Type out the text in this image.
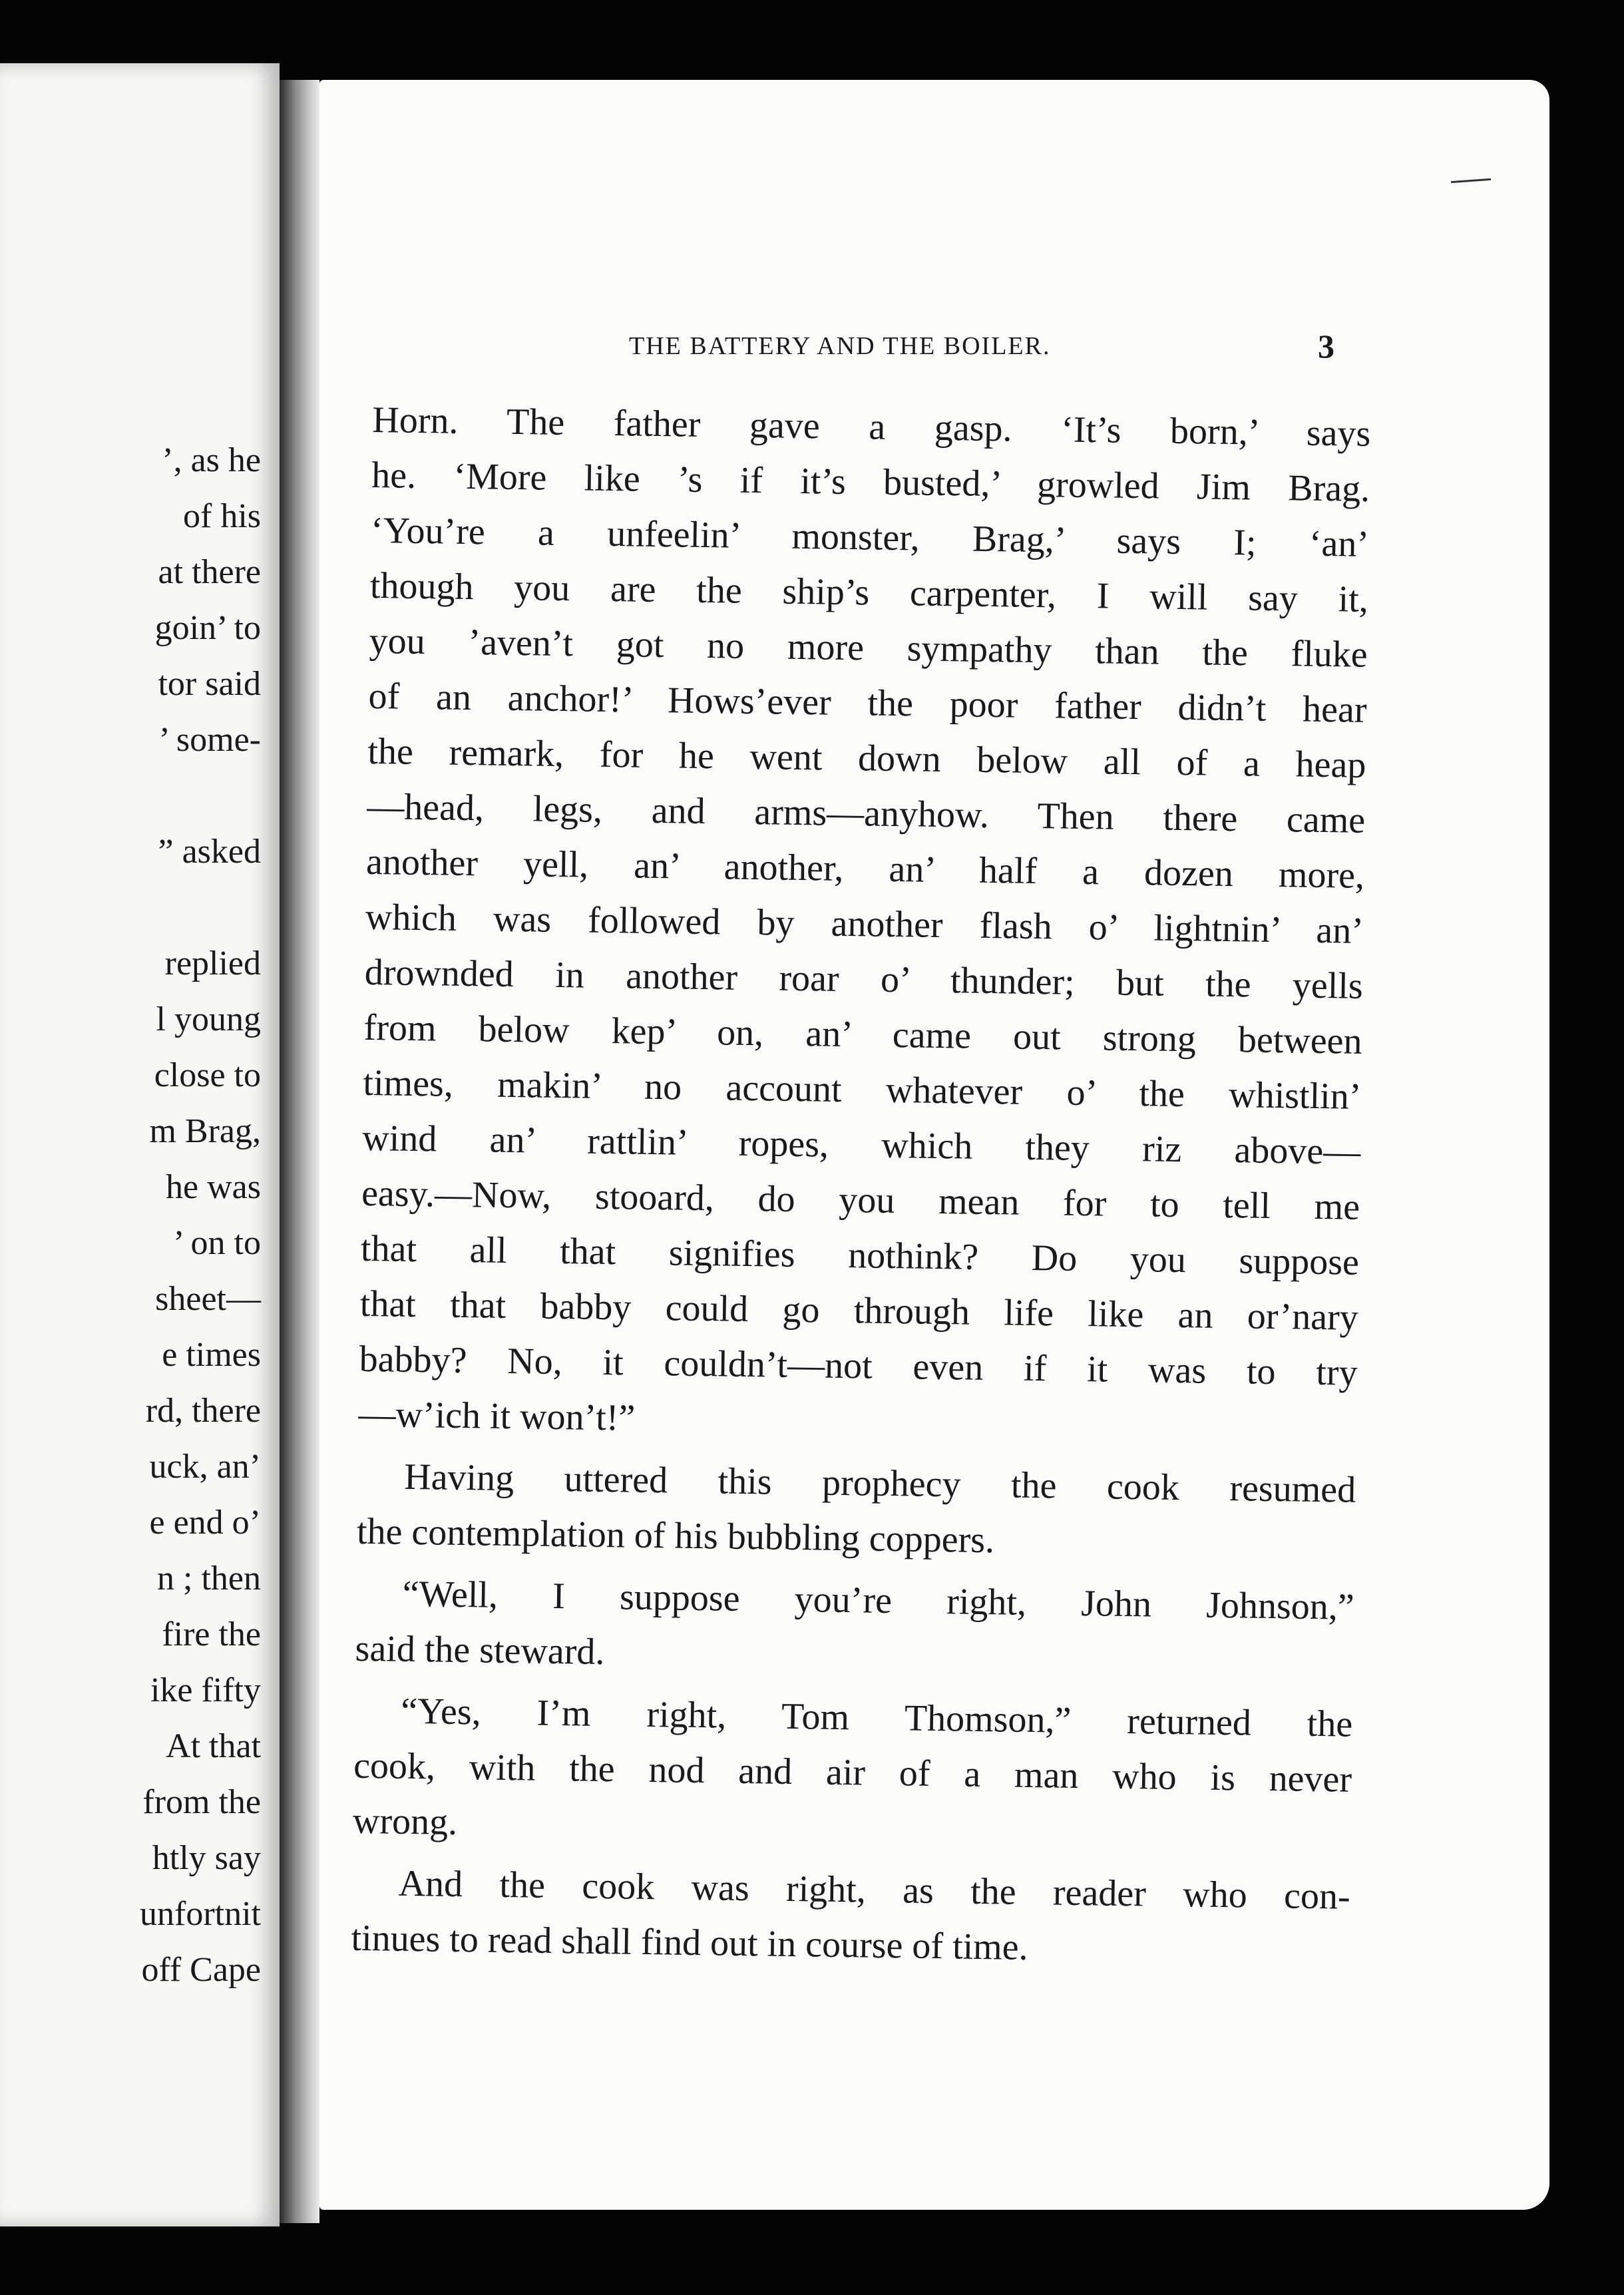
ʼ, as he
of his
at there
goin’ to
tor said
’ some-
” asked
replied
l young
close to
m Brag,
he was
’ on to
sheet—
e times
rd, there
uck, an’
e end o’
n ; then
fire the
ike fifty
At that
from the
htly say
unfortnit
off Cape
THE BATTERY AND THE BOILER.	3
Horn. The father gave a gasp. ‘It’s born,’ says
he. ‘More like ’s if it’s busted,’ growled Jim Brag.
‘You’re a unfeelin’ monster, Brag,’ says I; ‘an’
though you are the ship’s carpenter, I will say it,
you ’aven’t got no more sympathy than the fluke
of an anchor!’ Hows’ever the poor father didn’t hear
the remark, for he went down below all of a heap
—head, legs, and arms—anyhow. Then there came
another yell, an’ another, an’ half a dozen more,
which was followed by another flash o’ lightnin’ an’
drownded in another roar o’ thunder; but the yells
from below kep’ on, an’ came out strong between
times, makin’ no account whatever o’ the whistlin’
wind an’ rattlin’ ropes, which they riz above—
easy.—Now, stooard, do you mean for to tell me
that all that signifies nothink? Do you suppose
that that babby could go through life like an or’nary
babby? No, it couldn’t—not even if it was to try
—w’ich it won’t!”
Having uttered this prophecy the cook resumed
the contemplation of his bubbling coppers.
“Well, I suppose you’re right, John Johnson,”
said the steward.
“Yes, I’m right, Tom Thomson,” returned the
cook, with the nod and air of a man who is never
wrong.
And the cook was right, as the reader who con-
tinues to read shall find out in course of time.
